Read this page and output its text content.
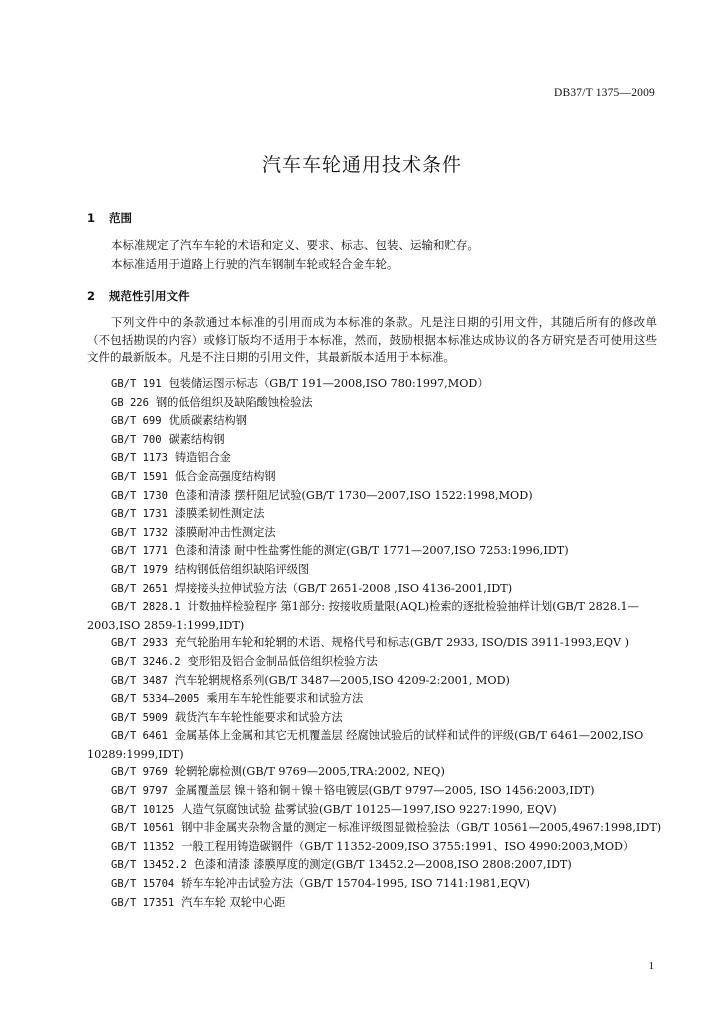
DB37/T 1375—2009
汽车车轮通用技术条件
1 范围
本标准规定了汽车车轮的术语和定义、要求、标志、包装、运输和贮存。
本标准适用于道路上行驶的汽车钢制车轮或轻合金车轮。
2 规范性引用文件
下列文件中的条款通过本标准的引用而成为本标准的条款。凡是注日期的引用文件，其随后所有的修改单（不包括勘误的内容）或修订版均不适用于本标准，然而，鼓励根据本标准达成协议的各方研究是否可使用这些文件的最新版本。凡是不注日期的引用文件，其最新版本适用于本标准。
GB/T 191 包装储运图示标志（GB/T 191—2008,ISO 780:1997,MOD）
GB 226 钢的低倍组织及缺陷酸蚀检验法
GB/T 699 优质碳素结构钢
GB/T 700 碳素结构钢
GB/T 1173 铸造铝合金
GB/T 1591 低合金高强度结构钢
GB/T 1730 色漆和清漆 摆杆阻尼试验(GB/T 1730—2007,ISO 1522:1998,MOD)
GB/T 1731 漆膜柔韧性测定法
GB/T 1732 漆膜耐冲击性测定法
GB/T 1771 色漆和清漆 耐中性盐雾性能的测定(GB/T 1771—2007,ISO 7253:1996,IDT)
GB/T 1979 结构钢低倍组织缺陷评级图
GB/T 2651 焊接接头拉伸试验方法（GB/T 2651-2008 ,ISO 4136-2001,IDT)
GB/T 2828.1 计数抽样检验程序 第1部分: 按接收质量限(AQL)检索的逐批检验抽样计划(GB/T 2828.1—2003,ISO 2859-1:1999,IDT)
GB/T 2933 充气轮胎用车轮和轮辋的术语、规格代号和标志(GB/T 2933, ISO/DIS 3911-1993,EQV )
GB/T 3246.2 变形铝及铝合金制品低倍组织检验方法
GB/T 3487 汽车轮辋规格系列(GB/T 3487—2005,ISO 4209-2:2001, MOD)
GB/T 5334—2005 乘用车车轮性能要求和试验方法
GB/T 5909 载货汽车车轮性能要求和试验方法
GB/T 6461 金属基体上金属和其它无机覆盖层 经腐蚀试验后的试样和试件的评级(GB/T 6461—2002,ISO 10289:1999,IDT)
GB/T 9769 轮辋轮廓检测(GB/T 9769—2005,TRA:2002, NEQ)
GB/T 9797 金属覆盖层 镍＋铬和铜＋镍＋铬电镀层(GB/T 9797—2005, ISO 1456:2003,IDT)
GB/T 10125 人造气氛腐蚀试验 盐雾试验(GB/T 10125—1997,ISO 9227:1990, EQV)
GB/T 10561 钢中非金属夹杂物含量的测定－标准评级图显微检验法（GB/T 10561—2005,4967:1998,IDT)
GB/T 11352 一般工程用铸造碳钢件（GB/T 11352-2009,ISO 3755:1991、ISO 4990:2003,MOD）
GB/T 13452.2 色漆和清漆 漆膜厚度的测定(GB/T 13452.2—2008,ISO 2808:2007,IDT)
GB/T 15704 轿车车轮冲击试验方法（GB/T 15704-1995, ISO 7141:1981,EQV)
GB/T 17351 汽车车轮 双轮中心距
1
